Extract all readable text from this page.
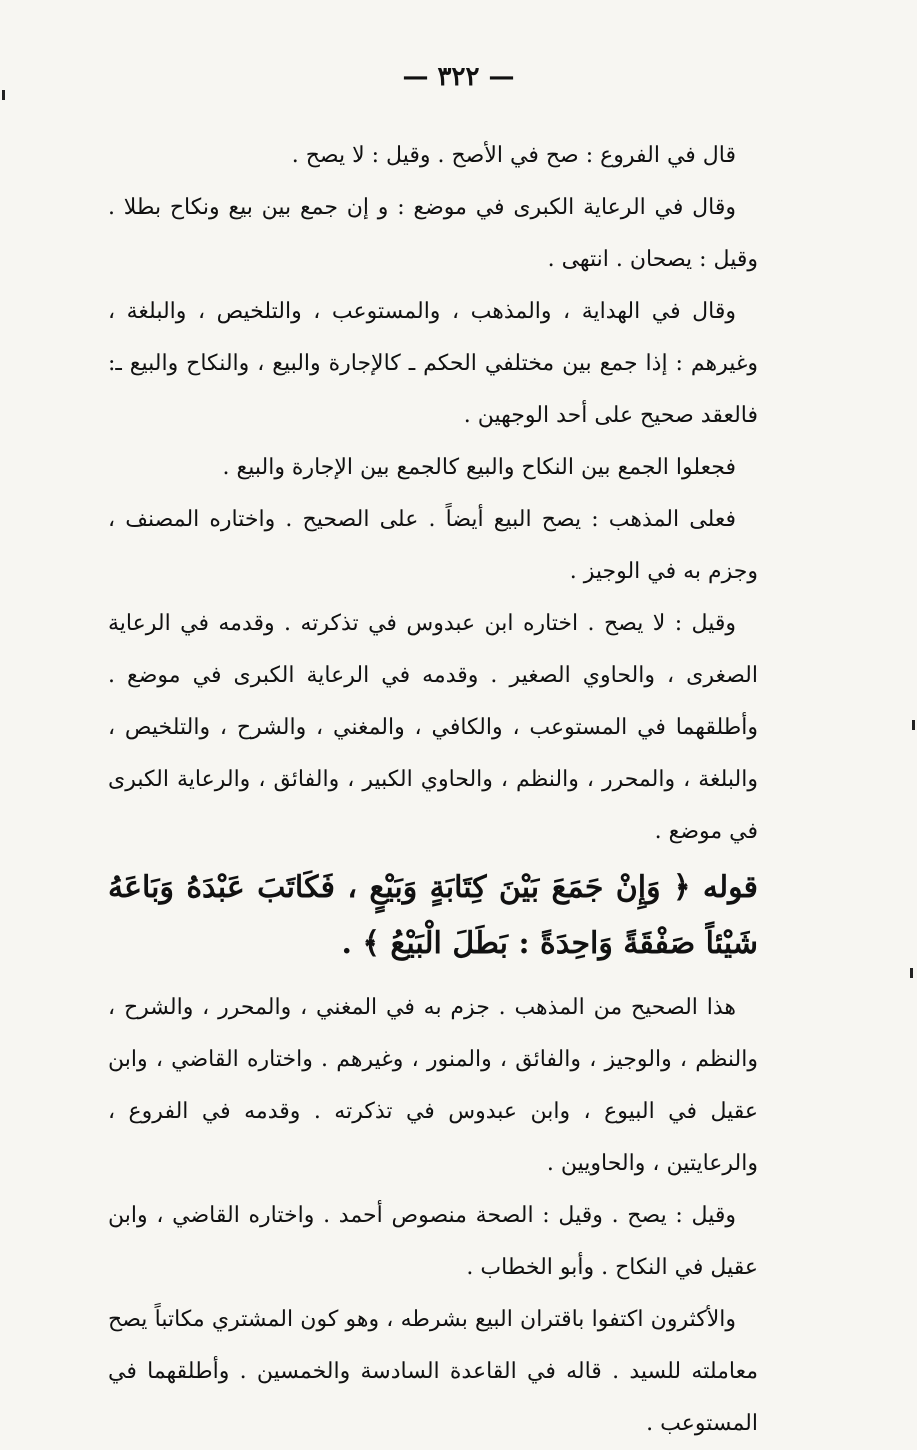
— ٣٢٢ —

قال في الفروع : صح في الأصح . وقيل : لا يصح .

وقال في الرعاية الكبرى في موضع : و إن جمع بين بيع ونكاح بطلا . وقيل : يصحان . انتهى .

وقال في الهداية ، والمذهب ، والمستوعب ، والتلخيص ، والبلغة ، وغيرهم : إذا جمع بين مختلفي الحكم ـ كالإجارة والبيع ، والنكاح والبيع ـ: فالعقد صحيح على أحد الوجهين .

فجعلوا الجمع بين النكاح والبيع كالجمع بين الإجارة والبيع .

فعلى المذهب : يصح البيع أيضاً . على الصحيح . واختاره المصنف ، وجزم به في الوجيز .

وقيل : لا يصح . اختاره ابن عبدوس في تذكرته . وقدمه في الرعاية الصغرى ، والحاوي الصغير . وقدمه في الرعاية الكبرى في موضع . وأطلقهما في المستوعب ، والكافي ، والمغني ، والشرح ، والتلخيص ، والبلغة ، والمحرر ، والنظم ، والحاوي الكبير ، والفائق ، والرعاية الكبرى في موضع .

قوله ﴿ وَإِنْ جَمَعَ بَيْنَ كِتَابَةٍ وَبَيْعٍ ، فَكَاتَبَ عَبْدَهُ وَبَاعَهُ شَيْئاً صَفْقَةً وَاحِدَةً : بَطَلَ الْبَيْعُ ﴾ .

هذا الصحيح من المذهب . جزم به في المغني ، والمحرر ، والشرح ، والنظم ، والوجيز ، والفائق ، والمنور ، وغيرهم . واختاره القاضي ، وابن عقيل في البيوع ، وابن عبدوس في تذكرته . وقدمه في الفروع ، والرعايتين ، والحاويين .

وقيل : يصح . وقيل : الصحة منصوص أحمد . واختاره القاضي ، وابن عقيل في النكاح . وأبو الخطاب .

والأكثرون اكتفوا باقتران البيع بشرطه ، وهو كون المشتري مكاتباً يصح معاملته للسيد . قاله في القاعدة السادسة والخمسين . وأطلقهما في المستوعب .
